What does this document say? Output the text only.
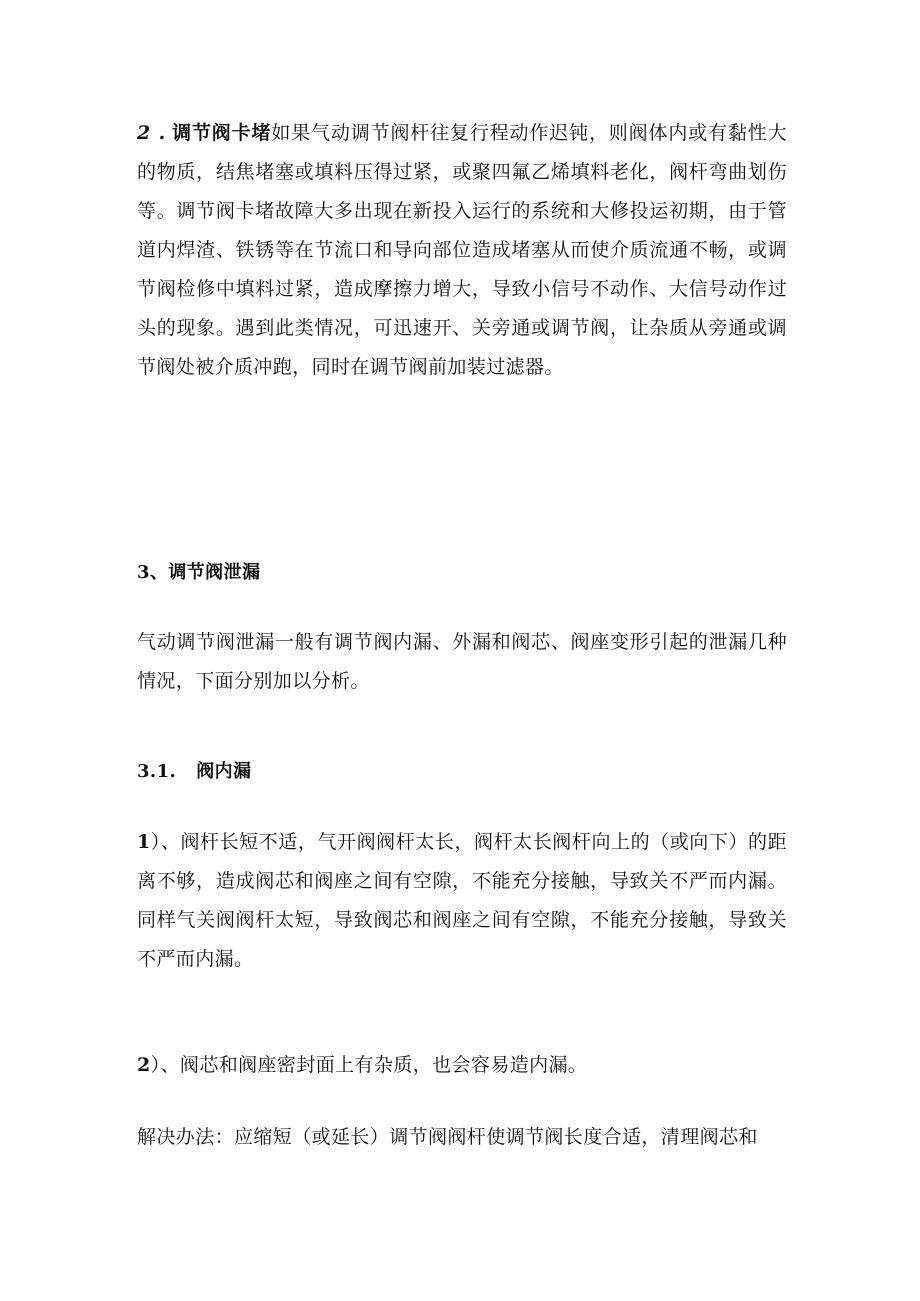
2 . 调节阀卡堵如果气动调节阀杆往复行程动作迟钝，则阀体内或有黏性大的物质，结焦堵塞或填料压得过紧，或聚四氟乙烯填料老化，阀杆弯曲划伤等。调节阀卡堵故障大多出现在新投入运行的系统和大修投运初期，由于管道内焊渣、铁锈等在节流口和导向部位造成堵塞从而使介质流通不畅，或调节阀检修中填料过紧，造成摩擦力增大，导致小信号不动作、大信号动作过头的现象。遇到此类情况，可迅速开、关旁通或调节阀，让杂质从旁通或调节阀处被介质冲跑，同时在调节阀前加装过滤器。

3、调节阀泄漏

气动调节阀泄漏一般有调节阀内漏、外漏和阀芯、阀座变形引起的泄漏几种情况，下面分别加以分析。

3.1. 阀内漏

1）、阀杆长短不适，气开阀阀杆太长，阀杆太长阀杆向上的（或向下）的距离不够，造成阀芯和阀座之间有空隙，不能充分接触，导致关不严而内漏。同样气关阀阀杆太短，导致阀芯和阀座之间有空隙，不能充分接触，导致关不严而内漏。

2）、阀芯和阀座密封面上有杂质，也会容易造内漏。

解决办法：应缩短（或延长）调节阀阀杆使调节阀长度合适，清理阀芯和
